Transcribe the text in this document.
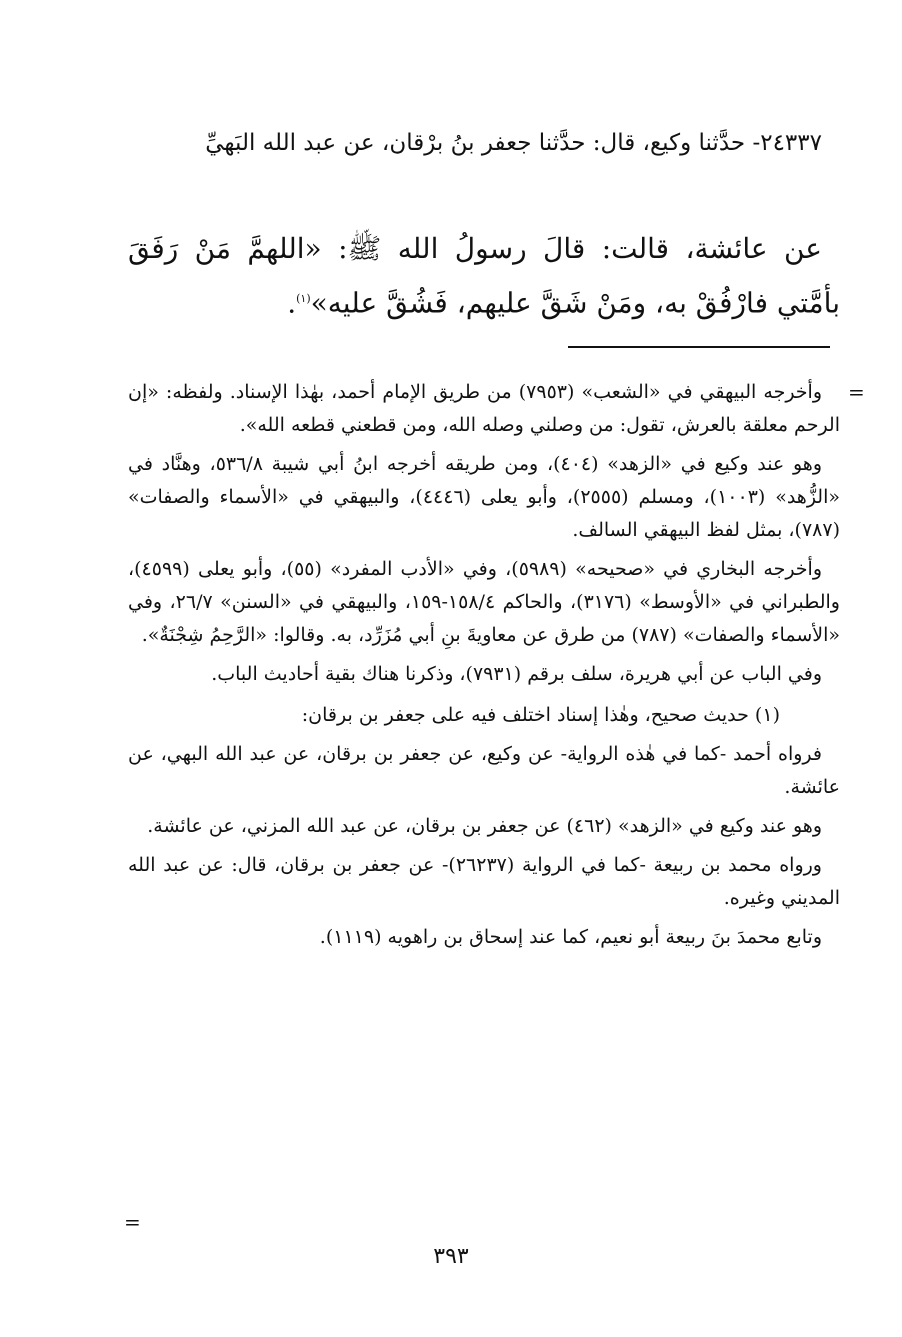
٢٤٣٣٧- حدَّثنا وكيع، قال: حدَّثنا جعفر بنُ برْقان، عن عبد الله البَهيِّ

عن عائشة، قالت: قالَ رسولُ الله ﷺ: «اللهمَّ مَنْ رَفَقَ بأمَّتي فارْفُقْ به، ومَنْ شَقَّ عليهم، فَشُقَّ عليه»$^{(١)}$.

=

وأخرجه البيهقي في «الشعب» (٧٩٥٣) من طريق الإمام أحمد، بهٰذا الإسناد. ولفظه: «إن الرحم معلقة بالعرش، تقول: من وصلني وصله الله، ومن قطعني قطعه الله».

وهو عند وكيع في «الزهد» (٤٠٤)، ومن طريقه أخرجه ابنُ أبي شيبة ٥٣٦/٨، وهنَّاد في «الزُّهد» (١٠٠٣)، ومسلم (٢٥٥٥)، وأبو يعلى (٤٤٤٦)، والبيهقي في «الأسماء والصفات» (٧٨٧)، بمثل لفظ البيهقي السالف.

وأخرجه البخاري في «صحيحه» (٥٩٨٩)، وفي «الأدب المفرد» (٥٥)، وأبو يعلى (٤٥٩٩)، والطبراني في «الأوسط» (٣١٧٦)، والحاكم ١٥٨/٤-١٥٩، والبيهقي في «السنن» ٢٦/٧، وفي «الأسماء والصفات» (٧٨٧) من طرق عن معاويةَ بنِ أبي مُزَرِّد، به. وقالوا: «الرَّحِمُ شِجْنَةٌ».

وفي الباب عن أبي هريرة، سلف برقم (٧٩٣١)، وذكرنا هناك بقية أحاديث الباب.

(١) حديث صحيح، وهٰذا إسناد اختلف فيه على جعفر بن برقان:

فرواه أحمد -كما في هٰذه الرواية- عن وكيع، عن جعفر بن برقان، عن عبد الله البهي، عن عائشة.

وهو عند وكيع في «الزهد» (٤٦٢) عن جعفر بن برقان، عن عبد الله المزني، عن عائشة.

ورواه محمد بن ربيعة -كما في الرواية (٢٦٢٣٧)- عن جعفر بن برقان، قال: عن عبد الله المديني وغيره.

وتابع محمدَ بنَ ربيعة أبو نعيم، كما عند إسحاق بن راهويه (١١١٩).

=
٣٩٣
